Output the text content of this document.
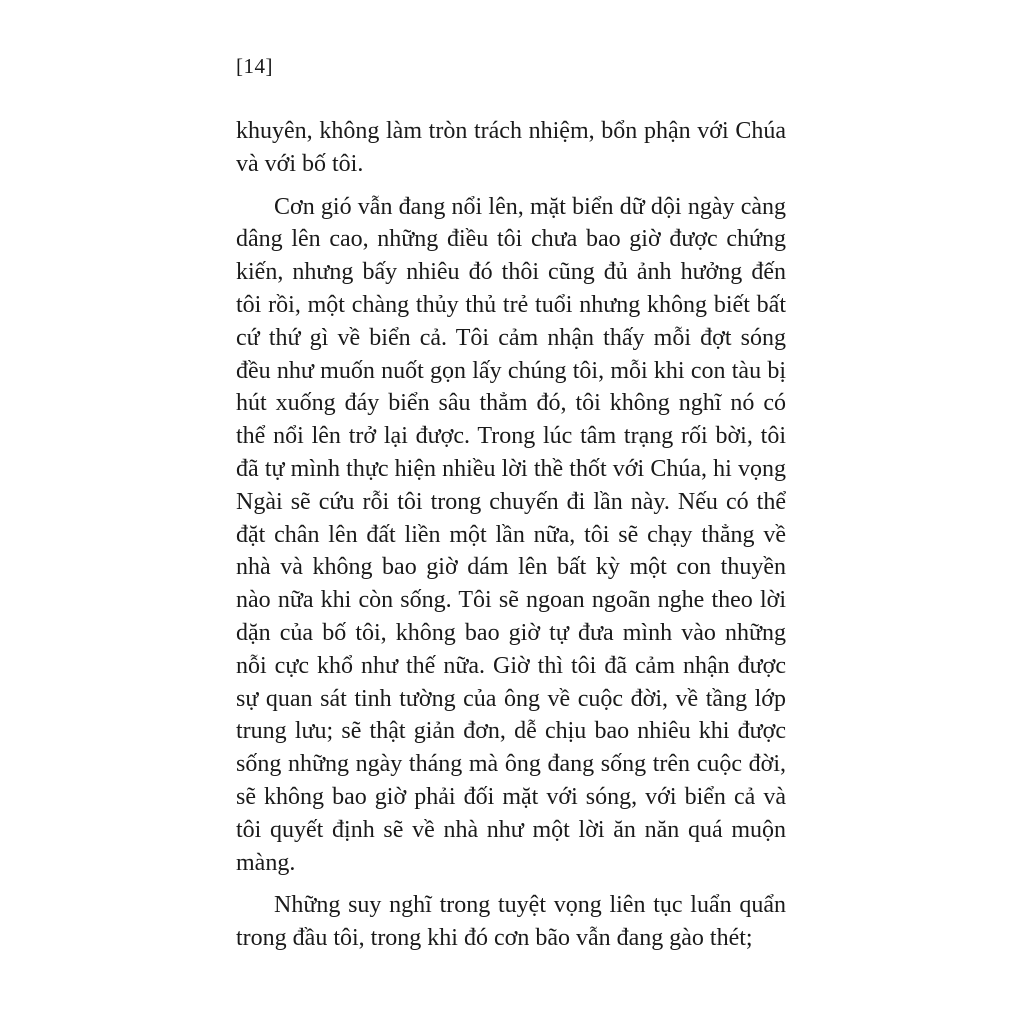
[14]

khuyên, không làm tròn trách nhiệm, bổn phận với Chúa và với bố tôi.

Cơn gió vẫn đang nổi lên, mặt biển dữ dội ngày càng dâng lên cao, những điều tôi chưa bao giờ được chứng kiến, nhưng bấy nhiêu đó thôi cũng đủ ảnh hưởng đến tôi rồi, một chàng thủy thủ trẻ tuổi nhưng không biết bất cứ thứ gì về biển cả. Tôi cảm nhận thấy mỗi đợt sóng đều như muốn nuốt gọn lấy chúng tôi, mỗi khi con tàu bị hút xuống đáy biển sâu thẳm đó, tôi không nghĩ nó có thể nổi lên trở lại được. Trong lúc tâm trạng rối bời, tôi đã tự mình thực hiện nhiều lời thề thốt với Chúa, hi vọng Ngài sẽ cứu rỗi tôi trong chuyến đi lần này. Nếu có thể đặt chân lên đất liền một lần nữa, tôi sẽ chạy thẳng về nhà và không bao giờ dám lên bất kỳ một con thuyền nào nữa khi còn sống. Tôi sẽ ngoan ngoãn nghe theo lời dặn của bố tôi, không bao giờ tự đưa mình vào những nỗi cực khổ như thế nữa. Giờ thì tôi đã cảm nhận được sự quan sát tinh tường của ông về cuộc đời, về tầng lớp trung lưu; sẽ thật giản đơn, dễ chịu bao nhiêu khi được sống những ngày tháng mà ông đang sống trên cuộc đời, sẽ không bao giờ phải đối mặt với sóng, với biển cả và tôi quyết định sẽ về nhà như một lời ăn năn quá muộn màng.

Những suy nghĩ trong tuyệt vọng liên tục luẩn quẩn trong đầu tôi, trong khi đó cơn bão vẫn đang gào thét;
